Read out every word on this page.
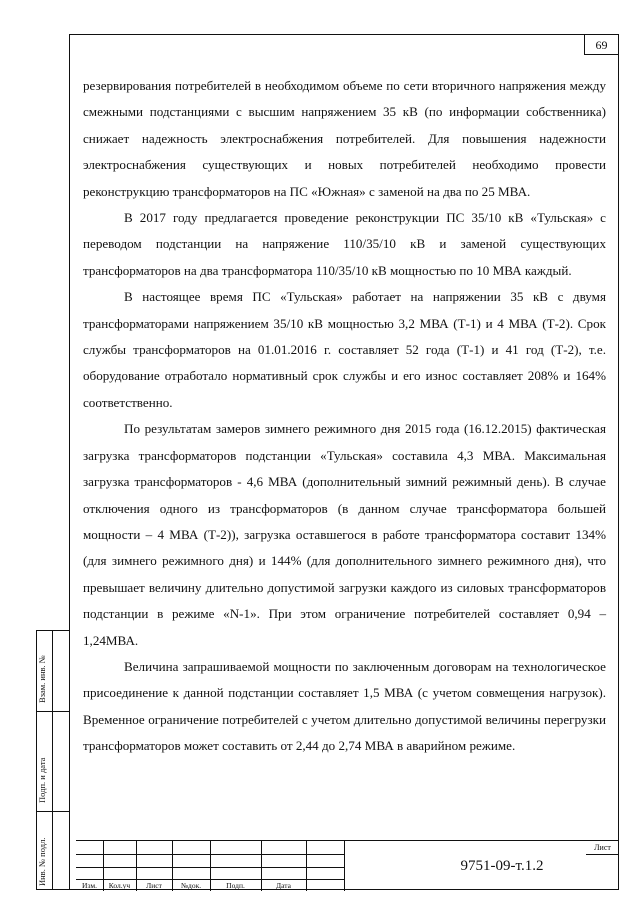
69

резервирования потребителей в необходимом объеме по сети вторичного напряжения между смежными подстанциями с высшим напряжением 35 кВ (по информации собственника) снижает надежность электроснабжения потребителей. Для повышения надежности электроснабжения существующих и новых потребителей необходимо провести реконструкцию трансформаторов на ПС «Южная» с заменой на два по 25 МВА.

В 2017 году предлагается проведение реконструкции ПС 35/10 кВ «Тульская» с переводом подстанции на напряжение 110/35/10 кВ и заменой существующих трансформаторов на два трансформатора 110/35/10 кВ мощностью по 10 МВА каждый.

В настоящее время ПС «Тульская» работает на напряжении 35 кВ с двумя трансформаторами напряжением 35/10 кВ мощностью 3,2 МВА (Т-1) и 4 МВА (Т-2). Срок службы трансформаторов на 01.01.2016 г. составляет 52 года (Т-1) и 41 год (Т-2), т.е. оборудование отработало нормативный срок службы и его износ составляет 208% и 164% соответственно.

По результатам замеров зимнего режимного дня 2015 года (16.12.2015) фактическая загрузка трансформаторов подстанции «Тульская» составила 4,3 МВА. Максимальная загрузка трансформаторов - 4,6 МВА (дополнительный зимний режимный день). В случае отключения одного из трансформаторов (в данном случае трансформатора большей мощности – 4 МВА (Т-2)), загрузка оставшегося в работе трансформатора составит 134% (для зимнего режимного дня) и 144% (для дополнительного зимнего режимного дня), что превышает величину длительно допустимой загрузки каждого из силовых трансформаторов подстанции в режиме «N-1». При этом ограничение потребителей составляет 0,94 – 1,24МВА.

Величина запрашиваемой мощности по заключенным договорам на технологическое присоединение к данной подстанции составляет 1,5 МВА (с учетом совмещения нагрузок). Временное ограничение потребителей с учетом длительно допустимой величины перегрузки трансформаторов может составить от 2,44 до 2,74 МВА в аварийном режиме.

Взам. инв. №
Подп. и дата
Инв. № подл.	Изм.	Кол.уч	Лист	№док.	Подп.	Дата
9751-09-т.1.2
Лист
